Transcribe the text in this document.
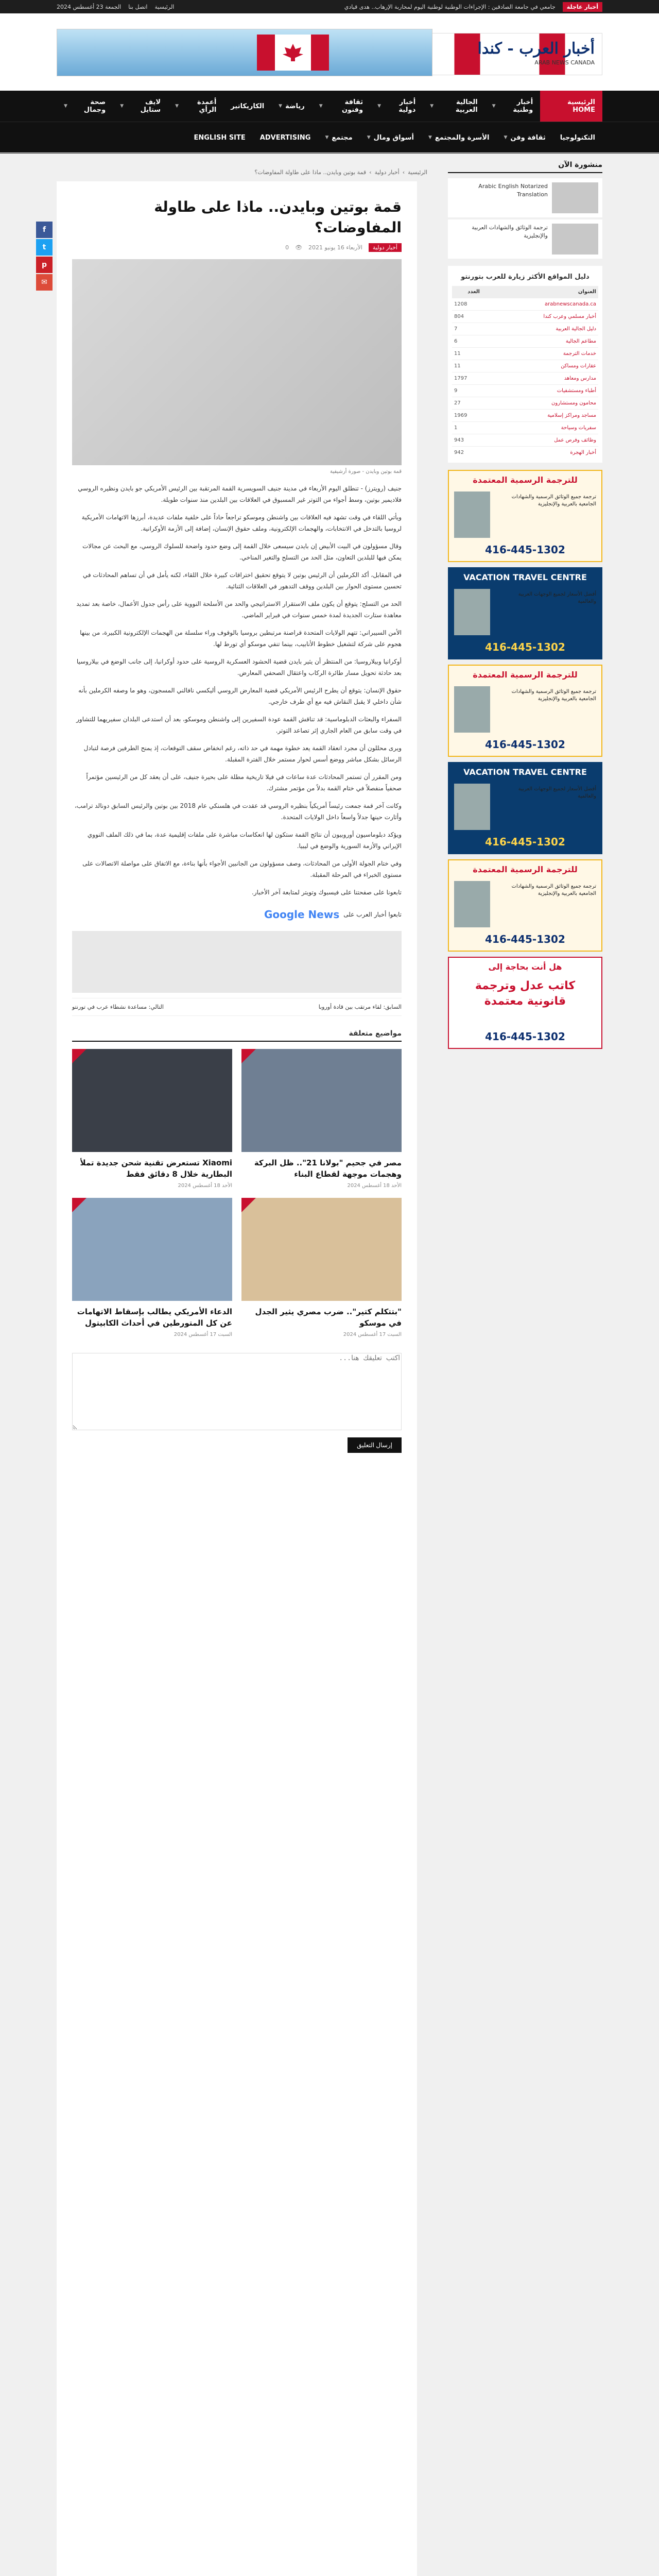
أخبار عاجلة
جامعي في جامعة الصادقين : الإجراءات الوطنية لوطنية اليوم لمحاربة الإرهاب.. هدى قيادي
الرئيسية
اتصل بنا
الجمعة 23 أغسطس 2024
أخبار العرب - كندا
ARAB NEWS CANADA
الرئيسية HOME
أخبار وطنية
▼
الجالية العربية
▼
أخبار دولية
▼
ثقافة وفنون
▼
رياضة
▼
الكاريكاتير
أعمدة الرأي
▼
لايف ستايل
▼
صحة وجمال
▼
التكنولوجيا
ثقافة وفن
▼
الأسرة والمجتمع
▼
أسواق ومال
▼
مجتمع
▼
ADVERTISING
ENGLISH SITE
الرئيسية
›
أخبار دولية
›
قمة بوتين وبايدن.. ماذا على طاولة المفاوضات؟
منشورة الآن
Arabic English Notarized Translation
ترجمة الوثائق والشهادات العربية والإنجليزية
دليل المواقع الأكثر زيارة للعرب بتورنتو
العنوان	العدد
arabnewscanada.ca	1208
أخبار مسلمي وعرب كندا	804
دليل الجالية العربية	7
مطاعم الجالية	6
خدمات الترجمة	11
عقارات ومساكن	11
مدارس ومعاهد	1797
أطباء ومستشفيات	9
محامون ومستشارون	27
مساجد ومراكز إسلامية	1969
سفريات وسياحة	1
وظائف وفرص عمل	943
أخبار الهجرة	942
للترجمة الرسمية المعتمدة
ترجمة جميع الوثائق الرسمية والشهادات الجامعية بالعربية والإنجليزية
416-445-1302
VACATION TRAVEL CENTRE
أفضل الأسعار لجميع الوجهات العربية والعالمية
416-445-1302
للترجمة الرسمية المعتمدة
ترجمة جميع الوثائق الرسمية والشهادات الجامعية بالعربية والإنجليزية
416-445-1302
VACATION TRAVEL CENTRE
أفضل الأسعار لجميع الوجهات العربية والعالمية
416-445-1302
للترجمة الرسمية المعتمدة
ترجمة جميع الوثائق الرسمية والشهادات الجامعية بالعربية والإنجليزية
416-445-1302
هل أنت بحاجة إلى
كاتب عدل وترجمة قانونية معتمدة
416-445-1302
f
t
p
✉
قمة بوتين وبايدن.. ماذا على طاولة المفاوضات؟
أخبار دولية
الأربعاء 16 يونيو 2021
👁
0
قمة بوتين وبايدن - صورة أرشيفية

جنيف (رويترز) - تنطلق اليوم الأربعاء في مدينة جنيف السويسرية القمة المرتقبة بين الرئيس الأمريكي جو بايدن ونظيره الروسي فلاديمير بوتين، وسط أجواء من التوتر غير المسبوق في العلاقات بين البلدين منذ سنوات طويلة.

ويأتي اللقاء في وقت تشهد فيه العلاقات بين واشنطن وموسكو تراجعاً حاداً على خلفية ملفات عديدة، أبرزها الاتهامات الأمريكية لروسيا بالتدخل في الانتخابات، والهجمات الإلكترونية، وملف حقوق الإنسان، إضافة إلى الأزمة الأوكرانية.

وقال مسؤولون في البيت الأبيض إن بايدن سيسعى خلال القمة إلى وضع حدود واضحة للسلوك الروسي، مع البحث عن مجالات يمكن فيها للبلدين التعاون، مثل الحد من التسلح والتغير المناخي.

في المقابل، أكد الكرملين أن الرئيس بوتين لا يتوقع تحقيق اختراقات كبيرة خلال اللقاء، لكنه يأمل في أن تساهم المحادثات في تحسين مستوى الحوار بين البلدين ووقف التدهور في العلاقات الثنائية.

الحد من التسلح: يتوقع أن يكون ملف الاستقرار الاستراتيجي والحد من الأسلحة النووية على رأس جدول الأعمال، خاصة بعد تمديد معاهدة ستارت الجديدة لمدة خمس سنوات في فبراير الماضي.

الأمن السيبراني: تتهم الولايات المتحدة قراصنة مرتبطين بروسيا بالوقوف وراء سلسلة من الهجمات الإلكترونية الكبيرة، من بينها هجوم على شركة لتشغيل خطوط الأنابيب، بينما تنفي موسكو أي تورط لها.

أوكرانيا وبيلاروسيا: من المنتظر أن يثير بايدن قضية الحشود العسكرية الروسية على حدود أوكرانيا، إلى جانب الوضع في بيلاروسيا بعد حادثة تحويل مسار طائرة الركاب واعتقال الصحفي المعارض.

حقوق الإنسان: يتوقع أن يطرح الرئيس الأمريكي قضية المعارض الروسي أليكسي نافالني المسجون، وهو ما وصفه الكرملين بأنه شأن داخلي لا يقبل النقاش فيه مع أي طرف خارجي.

السفراء والبعثات الدبلوماسية: قد تناقش القمة عودة السفيرين إلى واشنطن وموسكو، بعد أن استدعى البلدان سفيريهما للتشاور في وقت سابق من العام الجاري إثر تصاعد التوتر.

ويرى محللون أن مجرد انعقاد القمة يعد خطوة مهمة في حد ذاته، رغم انخفاض سقف التوقعات، إذ يمنح الطرفين فرصة لتبادل الرسائل بشكل مباشر ووضع أسس لحوار مستمر خلال الفترة المقبلة.

ومن المقرر أن تستمر المحادثات عدة ساعات في فيلا تاريخية مطلة على بحيرة جنيف، على أن يعقد كل من الرئيسين مؤتمراً صحفياً منفصلاً في ختام القمة بدلاً من مؤتمر مشترك.

وكانت آخر قمة جمعت رئيساً أمريكياً بنظيره الروسي قد عقدت في هلسنكي عام 2018 بين بوتين والرئيس السابق دونالد ترامب، وأثارت حينها جدلاً واسعاً داخل الولايات المتحدة.

ويؤكد دبلوماسيون أوروبيون أن نتائج القمة ستكون لها انعكاسات مباشرة على ملفات إقليمية عدة، بما في ذلك الملف النووي الإيراني والأزمة السورية والوضع في ليبيا.

وفي ختام الجولة الأولى من المحادثات، وصف مسؤولون من الجانبين الأجواء بأنها بناءة، مع الاتفاق على مواصلة الاتصالات على مستوى الخبراء في المرحلة المقبلة.

تابعونا على صفحتنا على فيسبوك وتويتر لمتابعة آخر الأخبار.

تابعوا أخبار العرب على
Google News
السابق: لقاء مرتقب بين قادة أوروبا
التالي: مساعدة نشطاء عرب في تورنتو
مواضيع متعلقة
مصر في جحيم "بولانا 21".. ظل البركة وهجمات موجهة لقطاع البناء
الأحد 18 أغسطس 2024
Xiaomi تستعرض تقنية شحن جديدة تملأ البطارية خلال 8 دقائق فقط
الأحد 18 أغسطس 2024
"بتتكلم كتير".. ضرب مصري يثير الجدل في موسكو
السبت 17 أغسطس 2024
الدعاء الأمريكي يطالب بإسقاط الاتهامات عن كل المتورطين في أحداث الكابيتول
السبت 17 أغسطس 2024
اكتب تعليقك هنا... إرسال التعليق
